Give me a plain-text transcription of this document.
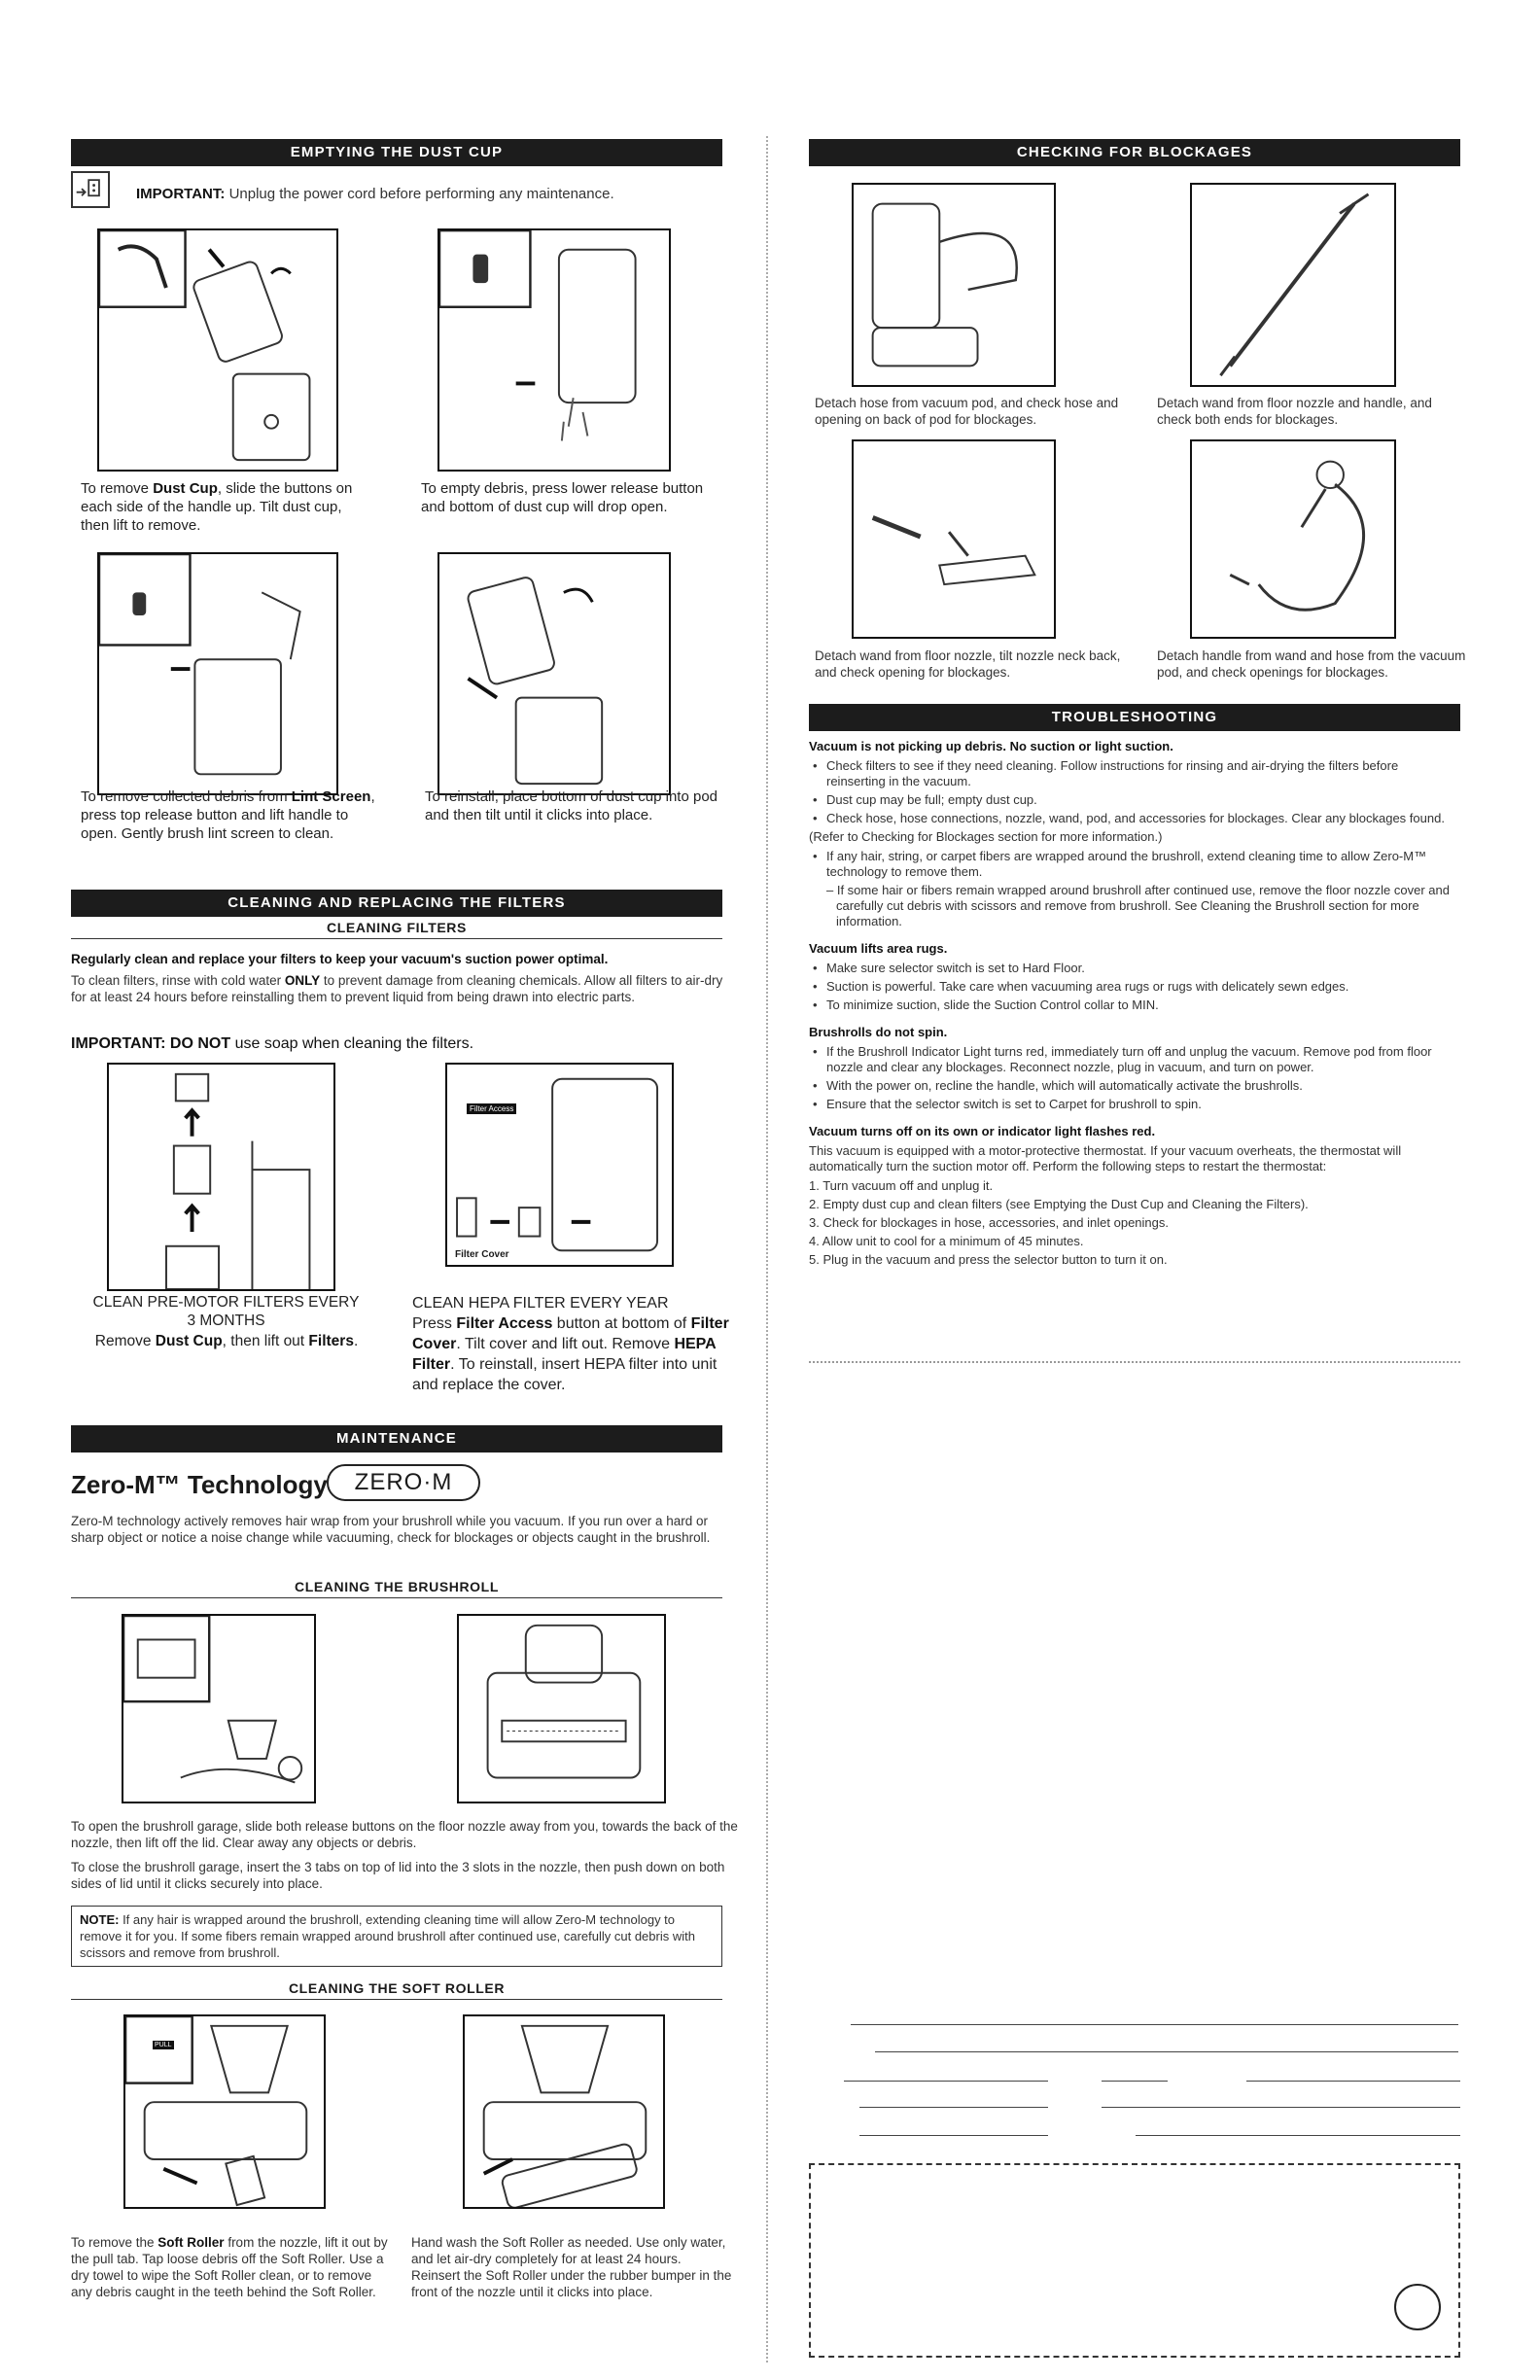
EMPTYING THE DUST CUP
IMPORTANT: Unplug the power cord before performing any maintenance.
To remove Dust Cup, slide the buttons on each side of the handle up. Tilt dust cup, then lift to remove.
To empty debris, press lower release button and bottom of dust cup will drop open.
To remove collected debris from Lint Screen, press top release button and lift handle to open. Gently brush lint screen to clean.
To reinstall, place bottom of dust cup into pod and then tilt until it clicks into place.
CLEANING AND REPLACING THE FILTERS
CLEANING FILTERS
Regularly clean and replace your filters to keep your vacuum's suction power optimal.
To clean filters, rinse with cold water ONLY to prevent damage from cleaning chemicals. Allow all filters to air-dry for at least 24 hours before reinstalling them to prevent liquid from being drawn into electric parts.
IMPORTANT: DO NOT use soap when cleaning the filters.
Filter Access
Filter Cover
CLEAN PRE-MOTOR FILTERS EVERY 3 MONTHS
Remove Dust Cup, then lift out Filters.
CLEAN HEPA FILTER EVERY YEAR
Press Filter Access button at bottom of Filter Cover. Tilt cover and lift out. Remove HEPA Filter. To reinstall, insert HEPA filter into unit and replace the cover.
MAINTENANCE
Zero-M™ Technology	ZERO·M
Zero-M technology actively removes hair wrap from your brushroll while you vacuum. If you run over a hard or sharp object or notice a noise change while vacuuming, check for blockages or objects caught in the brushroll.
CLEANING THE BRUSHROLL
To open the brushroll garage, slide both release buttons on the floor nozzle away from you, towards the back of the nozzle, then lift off the lid. Clear away any objects or debris.
To close the brushroll garage, insert the 3 tabs on top of lid into the 3 slots in the nozzle, then push down on both sides of lid until it clicks securely into place.
NOTE: If any hair is wrapped around the brushroll, extending cleaning time will allow Zero-M technology to remove it for you. If some fibers remain wrapped around brushroll after continued use, carefully cut debris with scissors and remove from brushroll.
CLEANING THE SOFT ROLLER
PULL
To remove the Soft Roller from the nozzle, lift it out by the pull tab. Tap loose debris off the Soft Roller. Use a dry towel to wipe the Soft Roller clean, or to remove any debris caught in the teeth behind the Soft Roller.
Hand wash the Soft Roller as needed. Use only water, and let air-dry completely for at least 24 hours. Reinsert the Soft Roller under the rubber bumper in the front of the nozzle until it clicks into place.
CHECKING FOR BLOCKAGES
Detach hose from vacuum pod, and check hose and opening on back of pod for blockages.
Detach wand from floor nozzle and handle, and check both ends for blockages.
Detach wand from floor nozzle, tilt nozzle neck back, and check opening for blockages.
Detach handle from wand and hose from the vacuum pod, and check openings for blockages.
TROUBLESHOOTING
Vacuum is not picking up debris. No suction or light suction.
• Check filters to see if they need cleaning. Follow instructions for rinsing and air-drying the filters before reinserting in the vacuum.
• Dust cup may be full; empty dust cup.
• Check hose, hose connections, nozzle, wand, pod, and accessories for blockages. Clear any blockages found.
(Refer to Checking for Blockages section for more information.)
• If any hair, string, or carpet fibers are wrapped around the brushroll, extend cleaning time to allow Zero-M™ technology to remove them.
– If some hair or fibers remain wrapped around brushroll after continued use, remove the floor nozzle cover and carefully cut debris with scissors and remove from brushroll. See Cleaning the Brushroll section for more information.
Vacuum lifts area rugs.
• Make sure selector switch is set to Hard Floor.
• Suction is powerful. Take care when vacuuming area rugs or rugs with delicately sewn edges.
• To minimize suction, slide the Suction Control collar to MIN.
Brushrolls do not spin.
• If the Brushroll Indicator Light turns red, immediately turn off and unplug the vacuum. Remove pod from floor nozzle and clear any blockages. Reconnect nozzle, plug in vacuum, and turn on power.
• With the power on, recline the handle, which will automatically activate the brushrolls.
• Ensure that the selector switch is set to Carpet for brushroll to spin.
Vacuum turns off on its own or indicator light flashes red.
This vacuum is equipped with a motor-protective thermostat. If your vacuum overheats, the thermostat will automatically turn the suction motor off. Perform the following steps to restart the thermostat:
1. Turn vacuum off and unplug it.
2. Empty dust cup and clean filters (see Emptying the Dust Cup and Cleaning the Filters).
3. Check for blockages in hose, accessories, and inlet openings.
4. Allow unit to cool for a minimum of 45 minutes.
5. Plug in the vacuum and press the selector button to turn it on.
